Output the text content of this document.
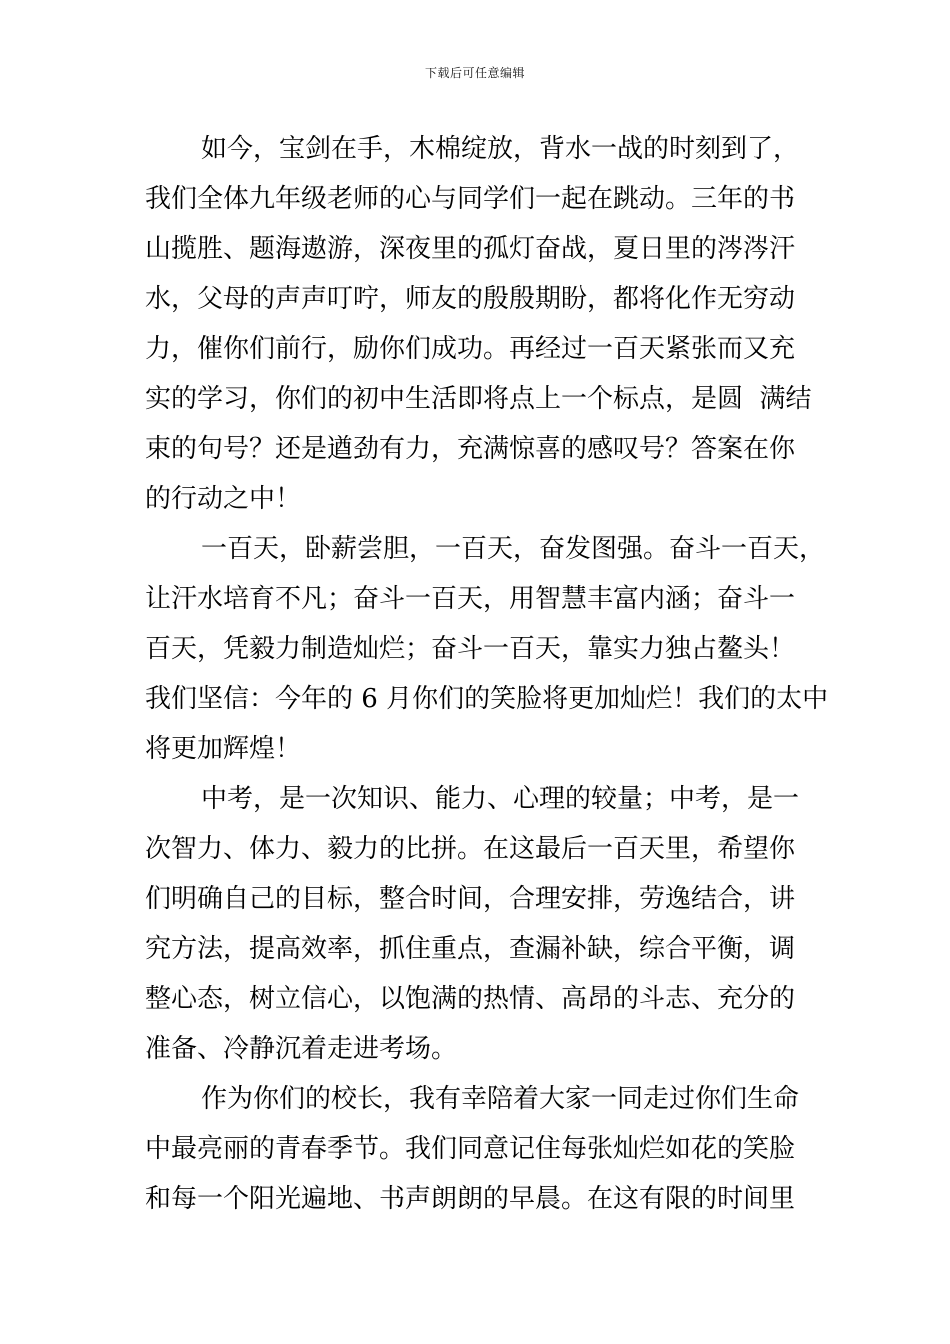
下载后可任意编辑
如今，宝剑在手，木棉绽放，背水一战的时刻到了，
我们全体九年级老师的心与同学们一起在跳动。三年的书
山揽胜、题海遨游，深夜里的孤灯奋战，夏日里的涔涔汗
水，父母的声声叮咛，师友的殷殷期盼，都将化作无穷动
力，催你们前行，励你们成功。再经过一百天紧张而又充
实的学习，你们的初中生活即将点上一个标点，是圆  满结
束的句号？还是遒劲有力，充满惊喜的感叹号？答案在你
的行动之中！
一百天，卧薪尝胆，一百天，奋发图强。奋斗一百天，
让汗水培育不凡；奋斗一百天，用智慧丰富内涵；奋斗一
百天，凭毅力制造灿烂；奋斗一百天，靠实力独占鳌头！
我们坚信：今年的 6 月你们的笑脸将更加灿烂！我们的太中
将更加辉煌！
中考，是一次知识、能力、心理的较量；中考，是一
次智力、体力、毅力的比拼。在这最后一百天里，希望你
们明确自己的目标，整合时间，合理安排，劳逸结合，讲
究方法，提高效率，抓住重点，查漏补缺，综合平衡，调
整心态，树立信心，以饱满的热情、高昂的斗志、充分的
准备、冷静沉着走进考场。
作为你们的校长，我有幸陪着大家一同走过你们生命
中最亮丽的青春季节。我们同意记住每张灿烂如花的笑脸
和每一个阳光遍地、书声朗朗的早晨。在这有限的时间里
